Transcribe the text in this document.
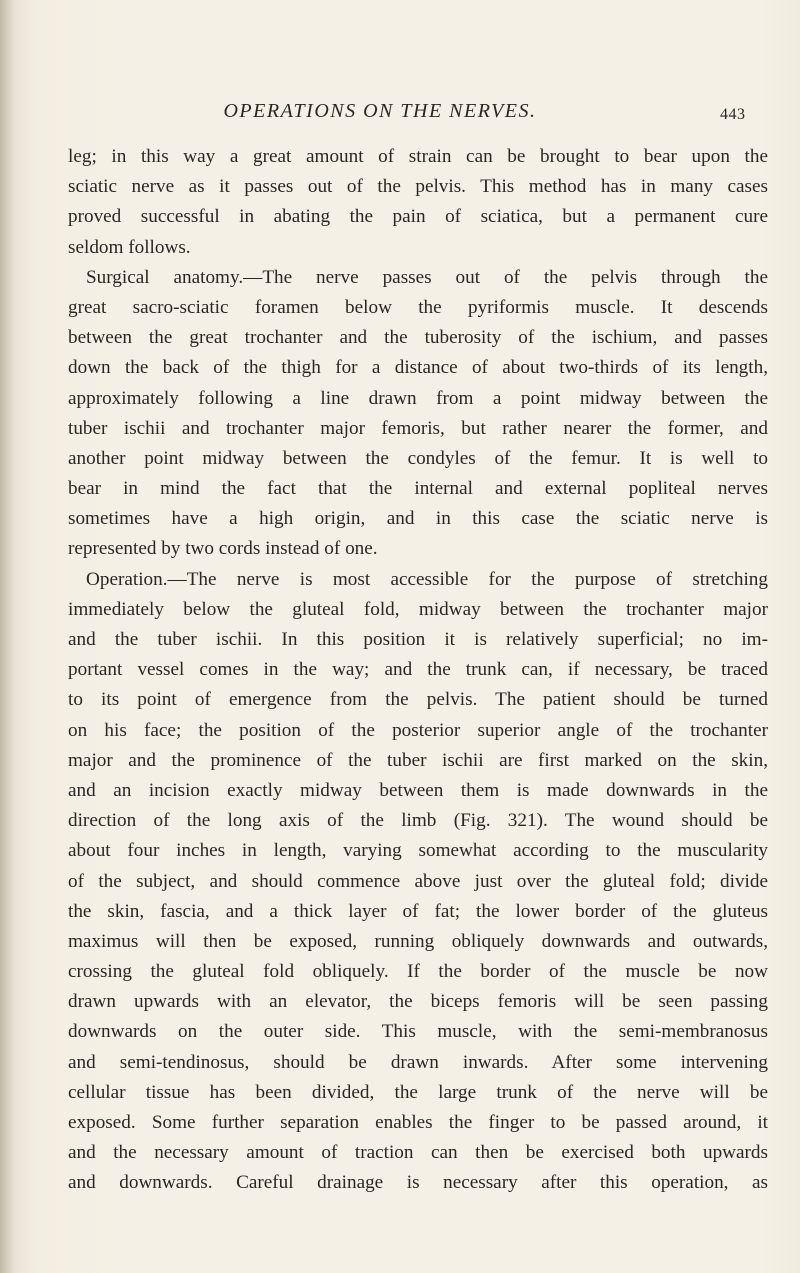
OPERATIONS ON THE NERVES.	443
leg; in this way a great amount of strain can be brought to bear upon the
sciatic nerve as it passes out of the pelvis. This method has in many cases
proved successful in abating the pain of sciatica, but a permanent cure
seldom follows.
Surgical anatomy.—The nerve passes out of the pelvis through the
great sacro-sciatic foramen below the pyriformis muscle. It descends
between the great trochanter and the tuberosity of the ischium, and passes
down the back of the thigh for a distance of about two-thirds of its length,
approximately following a line drawn from a point midway between the
tuber ischii and trochanter major femoris, but rather nearer the former, and
another point midway between the condyles of the femur. It is well to
bear in mind the fact that the internal and external popliteal nerves
sometimes have a high origin, and in this case the sciatic nerve is
represented by two cords instead of one.
Operation.—The nerve is most accessible for the purpose of stretching
immediately below the gluteal fold, midway between the trochanter major
and the tuber ischii. In this position it is relatively superficial; no im-
portant vessel comes in the way; and the trunk can, if necessary, be traced
to its point of emergence from the pelvis. The patient should be turned
on his face; the position of the posterior superior angle of the trochanter
major and the prominence of the tuber ischii are first marked on the skin,
and an incision exactly midway between them is made downwards in the
direction of the long axis of the limb (Fig. 321). The wound should be
about four inches in length, varying somewhat according to the muscularity
of the subject, and should commence above just over the gluteal fold; divide
the skin, fascia, and a thick layer of fat; the lower border of the gluteus
maximus will then be exposed, running obliquely downwards and outwards,
crossing the gluteal fold obliquely. If the border of the muscle be now
drawn upwards with an elevator, the biceps femoris will be seen passing
downwards on the outer side. This muscle, with the semi-membranosus
and semi-tendinosus, should be drawn inwards. After some intervening
cellular tissue has been divided, the large trunk of the nerve will be
exposed. Some further separation enables the finger to be passed around, it
and the necessary amount of traction can then be exercised both upwards
and downwards. Careful drainage is necessary after this operation, as
